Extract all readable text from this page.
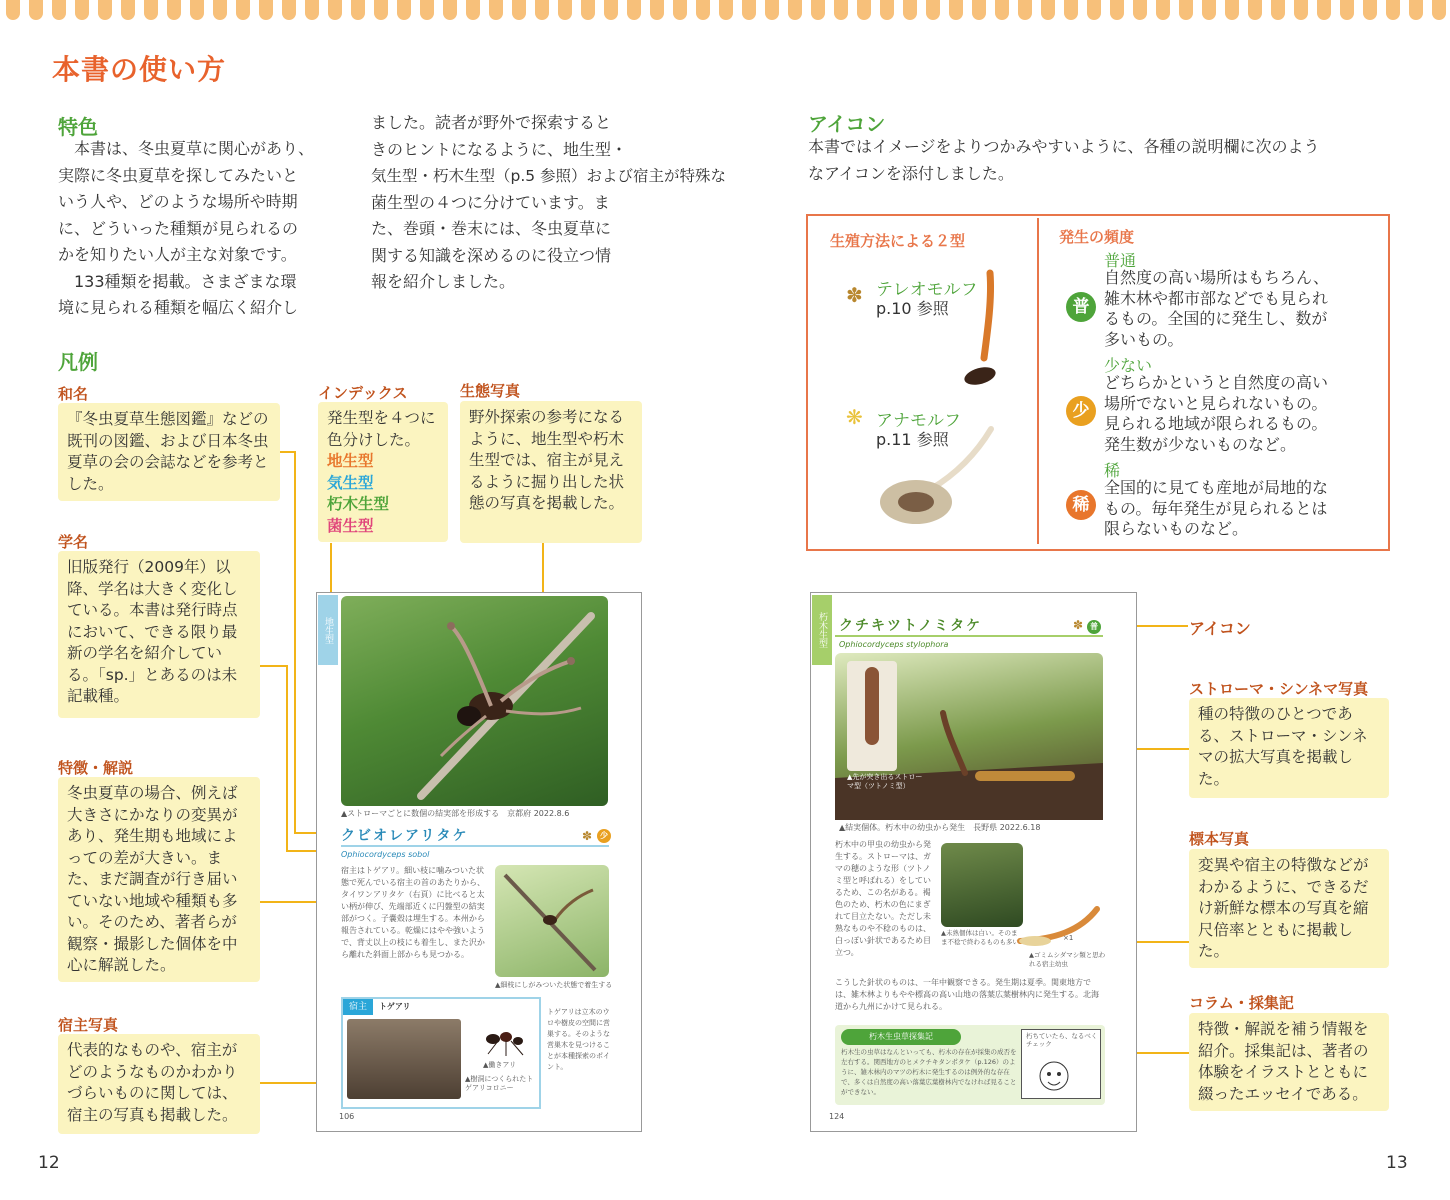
本書の使い方
特色
本書は、冬虫夏草に関心があり、
実際に冬虫夏草を探してみたいと
いう人や、どのような場所や時期
に、どういった種類が見られるの
かを知りたい人が主な対象です。
133種類を掲載。さまざまな環
境に見られる種類を幅広く紹介し
ました。読者が野外で探索すると
きのヒントになるように、地生型・
気生型・朽木生型（p.5 参照）および宿主が特殊な
菌生型の４つに分けています。ま
た、巻頭・巻末には、冬虫夏草に
関する知識を深めるのに役立つ情
報を紹介しました。
凡例
和名
『冬虫夏草生態図鑑』などの既刊の図鑑、および日本冬虫夏草の会の会誌などを参考とした。
学名
旧版発行（2009年）以降、学名は大きく変化している。本書は発行時点において、できる限り最新の学名を紹介している。「sp.」とあるのは未記載種。
特徴・解説
冬虫夏草の場合、例えば大きさにかなりの変異があり、発生期も地域によっての差が大きい。また、まだ調査が行き届いていない地域や種類も多い。そのため、著者らが観察・撮影した個体を中心に解説した。
宿主写真
代表的なものや、宿主がどのようなものかわかりづらいものに関しては、宿主の写真も掲載した。
インデックス
発生型を４つに色分けした。
地生型
気生型
朽木生型
菌生型
生態写真
野外探索の参考になるように、地生型や朽木生型では、宿主が見えるように掘り出した状態の写真を掲載した。
地生型
▲ストローマごとに数個の結実部を形成する　京都府 2022.8.6
クビオレアリタケ	✽ 少
Ophiocordyceps sobol
宿主はトゲアリ。細い枝に噛みついた状態で死んでいる宿主の首のあたりから、タイワンアリタケ（右頁）に比べると太い柄が伸び、先端部近くに円盤型の結実部がつく。子嚢殻は埋生する。本州から報告されている。乾燥にはやや強いようで、背丈以上の枝にも着生し、また沢から離れた斜面上部からも見つかる。
▲細枝にしがみついた状態で着生する
宿主	トゲアリ
▲働きアリ
▲樹洞につくられたトゲアリコロニー
トゲアリは立木のウロや樹皮の空間に営巣する。そのような営巣木を見つけることが本種探索のポイント。
106
12
アイコン
本書ではイメージをよりつかみやすいように、各種の説明欄に次のよう
なアイコンを添付しました。
生殖方法による２型
✽ テレオモルフ
p.10 参照
❋ アナモルフ
p.11 参照
発生の頻度
普通
普
自然度の高い場所はもちろん、
雑木林や都市部などでも見られ
るもの。全国的に発生し、数が
多いもの。
少ない
少
どちらかというと自然度の高い
場所でないと見られないもの。
見られる地域が限られるもの。
発生数が少ないものなど。
稀
稀
全国的に見ても産地が局地的な
もの。毎年発生が見られるとは
限らないものなど。
アイコン
ストローマ・シンネマ写真
種の特徴のひとつである、ストローマ・シンネマの拡大写真を掲載した。
標本写真
変異や宿主の特徴などがわかるように、できるだけ新鮮な標本の写真を縮尺倍率とともに掲載した。
コラム・採集記
特徴・解説を補う情報を紹介。採集記は、著者の体験をイラストとともに綴ったエッセイである。
朽木生型 クチキツトノミタケ	✽ 普
Ophiocordyceps stylophora
▲先が突き出るストローマ型（ツトノミ型）
▲結実個体。朽木中の幼虫から発生　長野県 2022.6.18
朽木中の甲虫の幼虫から発生する。ストローマは、ガマの穂のような形（ツトノミ型と呼ばれる）をしているため、この名がある。褐色のため、朽木の色にまぎれて目立たない。ただし未熟なものや不稔のものは、白っぽい針状であるため目立つ。
▲未熟個体は白い。そのまま不稔で終わるものも多い	×1
▲ゴミムシダマシ類と思われる宿主幼虫
こうした針状のものは、一年中観察できる。発生期は夏季。関東地方では、雑木林よりもやや標高の高い山地の落葉広葉樹林内に発生する。北海道から九州にかけて見られる。
朽木生虫草探集記
朽木生の虫草はなんといっても、朽木の存在が採集の成否を左右する。関西地方のヒメクチキタンポタケ（p.126）のように、雑木林内のマツの朽木に発生するのは例外的な存在で、多くは自然度の高い落葉広葉樹林内でなければ見ることができない。
朽ちていたら、なるべくチェック
124
13
